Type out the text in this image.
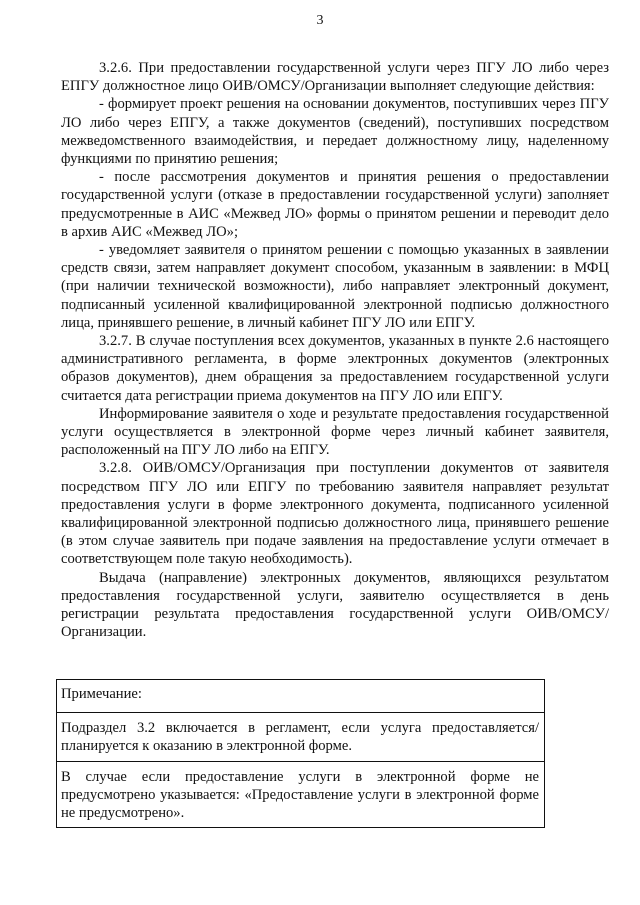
3

3.2.6. При предоставлении государственной услуги через ПГУ ЛО либо через ЕПГУ должностное лицо ОИВ/ОМСУ/Организации выполняет следующие действия:

- формирует проект решения на основании документов, поступивших через ПГУ ЛО либо через ЕПГУ, а также документов (сведений), поступивших посредством межведомственного взаимодействия, и передает должностному лицу, наделенному функциями по принятию решения;

- после рассмотрения документов и принятия решения о предоставлении государственной услуги (отказе в предоставлении государственной услуги) заполняет предусмотренные в АИС «Межвед ЛО» формы о принятом решении и переводит дело в архив АИС «Межвед ЛО»;

- уведомляет заявителя о принятом решении с помощью указанных в заявлении средств связи, затем направляет документ способом, указанным в заявлении: в МФЦ (при наличии технической возможности), либо направляет электронный документ, подписанный усиленной квалифицированной электронной подписью должностного лица, принявшего решение, в личный кабинет ПГУ ЛО или ЕПГУ.

3.2.7. В случае поступления всех документов, указанных в пункте 2.6 настоящего административного регламента, в форме электронных документов (электронных образов документов), днем обращения за предоставлением государственной услуги считается дата регистрации приема документов на ПГУ ЛО или ЕПГУ.

Информирование заявителя о ходе и результате предоставления государственной услуги осуществляется в электронной форме через личный кабинет заявителя, расположенный на ПГУ ЛО либо на ЕПГУ.

3.2.8. ОИВ/ОМСУ/Организация при поступлении документов от заявителя посредством ПГУ ЛО или ЕПГУ по требованию заявителя направляет результат предоставления услуги в форме электронного документа, подписанного усиленной квалифицированной электронной подписью должностного лица, принявшего решение (в этом случае заявитель при подаче заявления на предоставление услуги отмечает в соответствующем поле такую необходимость).

Выдача (направление) электронных документов, являющихся результатом предоставления государственной услуги, заявителю осуществляется в день регистрации результата предоставления государственной услуги ОИВ/ОМСУ/Организации.

Примечание:
Подраздел 3.2 включается в регламент, если услуга предоставляется/планируется к оказанию в электронной форме.
В случае если предоставление услуги в электронной форме не предусмотрено указывается: «Предоставление услуги в электронной форме не предусмотрено».
